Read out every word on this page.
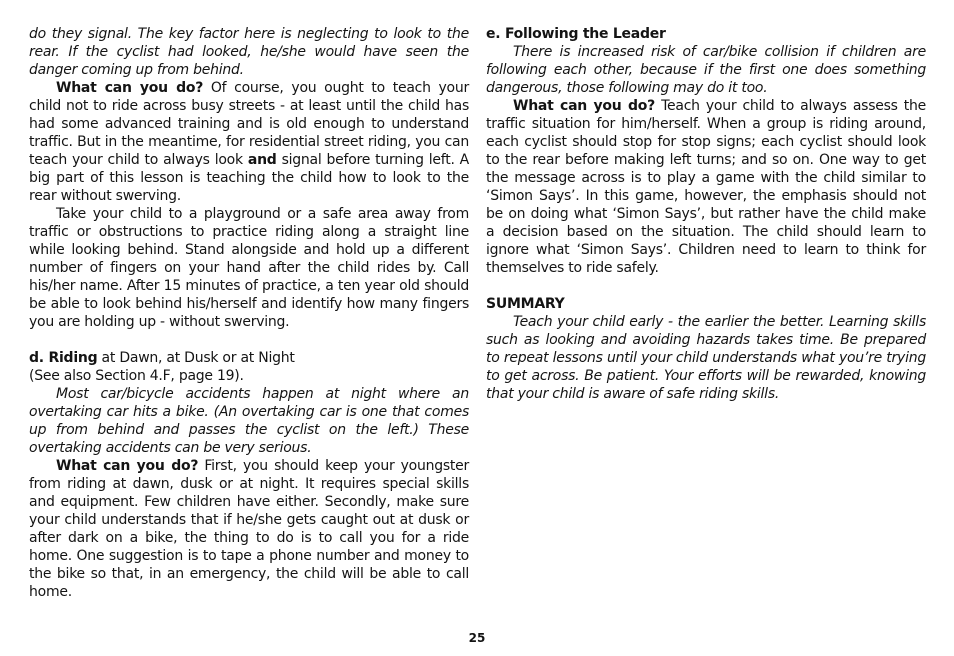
do they signal. The key factor here is neglecting to look to the rear. If the cyclist had looked, he/she would have seen the danger coming up from behind.

What can you do? Of course, you ought to teach your child not to ride across busy streets - at least until the child has had some advanced training and is old enough to understand traffic. But in the meantime, for residential street riding, you can teach your child to always look and signal before turning left. A big part of this lesson is teaching the child how to look to the rear without swerving.

Take your child to a playground or a safe area away from traffic or obstructions to practice riding along a straight line while looking behind. Stand alongside and hold up a different number of fingers on your hand after the child rides by. Call his/her name. After 15 minutes of practice, a ten year old should be able to look behind his/herself and identify how many fingers you are holding up - without swerving.

d. Riding at Dawn, at Dusk or at Night

(See also Section 4.F, page 19).

Most car/bicycle accidents happen at night where an overtaking car hits a bike. (An overtaking car is one that comes up from behind and passes the cyclist on the left.) These overtaking accidents can be very serious.

What can you do? First, you should keep your youngster from riding at dawn, dusk or at night. It requires special skills and equipment. Few children have either. Secondly, make sure your child understands that if he/she gets caught out at dusk or after dark on a bike, the thing to do is to call you for a ride home. One suggestion is to tape a phone number and money to the bike so that, in an emergency, the child will be able to call home.

e. Following the Leader

There is increased risk of car/bike collision if children are following each other, because if the first one does something dangerous, those following may do it too.

What can you do? Teach your child to always assess the traffic situation for him/herself. When a group is riding around, each cyclist should stop for stop signs; each cyclist should look to the rear before making left turns; and so on. One way to get the message across is to play a game with the child similar to ‘Simon Says’. In this game, however, the emphasis should not be on doing what ‘Simon Says’, but rather have the child make a decision based on the situation. The child should learn to ignore what ‘Simon Says’. Children need to learn to think for themselves to ride safely.

SUMMARY

Teach your child early - the earlier the better. Learning skills such as looking and avoiding hazards takes time. Be prepared to repeat lessons until your child understands what you’re trying to get across. Be patient. Your efforts will be rewarded, knowing that your child is aware of safe riding skills.

25
